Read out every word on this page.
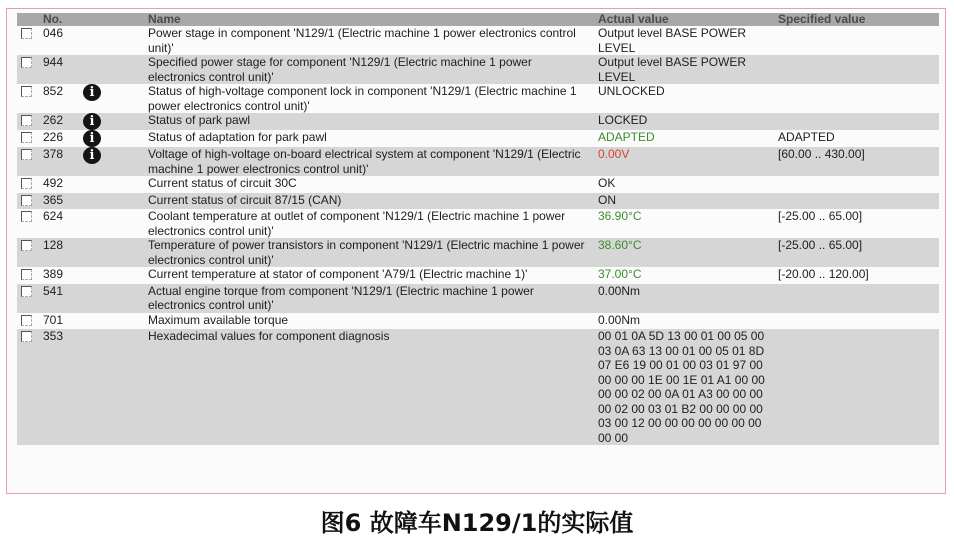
	No.		Name	Actual value	Specified value
	046		Power stage in component 'N129/1 (Electric machine 1 power electronics control unit)'	Output level BASE POWER LEVEL	
	944		Specified power stage for component 'N129/1 (Electric machine 1 power electronics control unit)'	Output level BASE POWER LEVEL	
	852	i	Status of high-voltage component lock in component 'N129/1 (Electric machine 1 power electronics control unit)'	UNLOCKED	
	262	i	Status of park pawl	LOCKED	
	226	i	Status of adaptation for park pawl	ADAPTED	ADAPTED
	378	i	Voltage of high-voltage on-board electrical system at component 'N129/1 (Electric machine 1 power electronics control unit)'	0.00V	[60.00 .. 430.00]
	492		Current status of circuit 30C	OK	
	365		Current status of circuit 87/15 (CAN)	ON	
	624		Coolant temperature at outlet of component 'N129/1 (Electric machine 1 power electronics control unit)'	36.90°C	[-25.00 .. 65.00]
	128		Temperature of power transistors in component 'N129/1 (Electric machine 1 power electronics control unit)'	38.60°C	[-25.00 .. 65.00]
	389		Current temperature at stator of component 'A79/1 (Electric machine 1)'	37.00°C	[-20.00 .. 120.00]
	541		Actual engine torque from component 'N129/1 (Electric machine 1 power electronics control unit)'	0.00Nm	
	701		Maximum available torque	0.00Nm	
	353		Hexadecimal values for component diagnosis	00 01 0A 5D 13 00 01 00 05 00 03 0A 63 13 00 01 00 05 01 8D 07 E6 19 00 01 00 03 01 97 00 00 00 00 1E 00 1E 01 A1 00 00 00 00 02 00 0A 01 A3 00 00 00 00 02 00 03 01 B2 00 00 00 00 03 00 12 00 00 00 00 00 00 00 00 00	
图6 故障车N129/1的实际值
